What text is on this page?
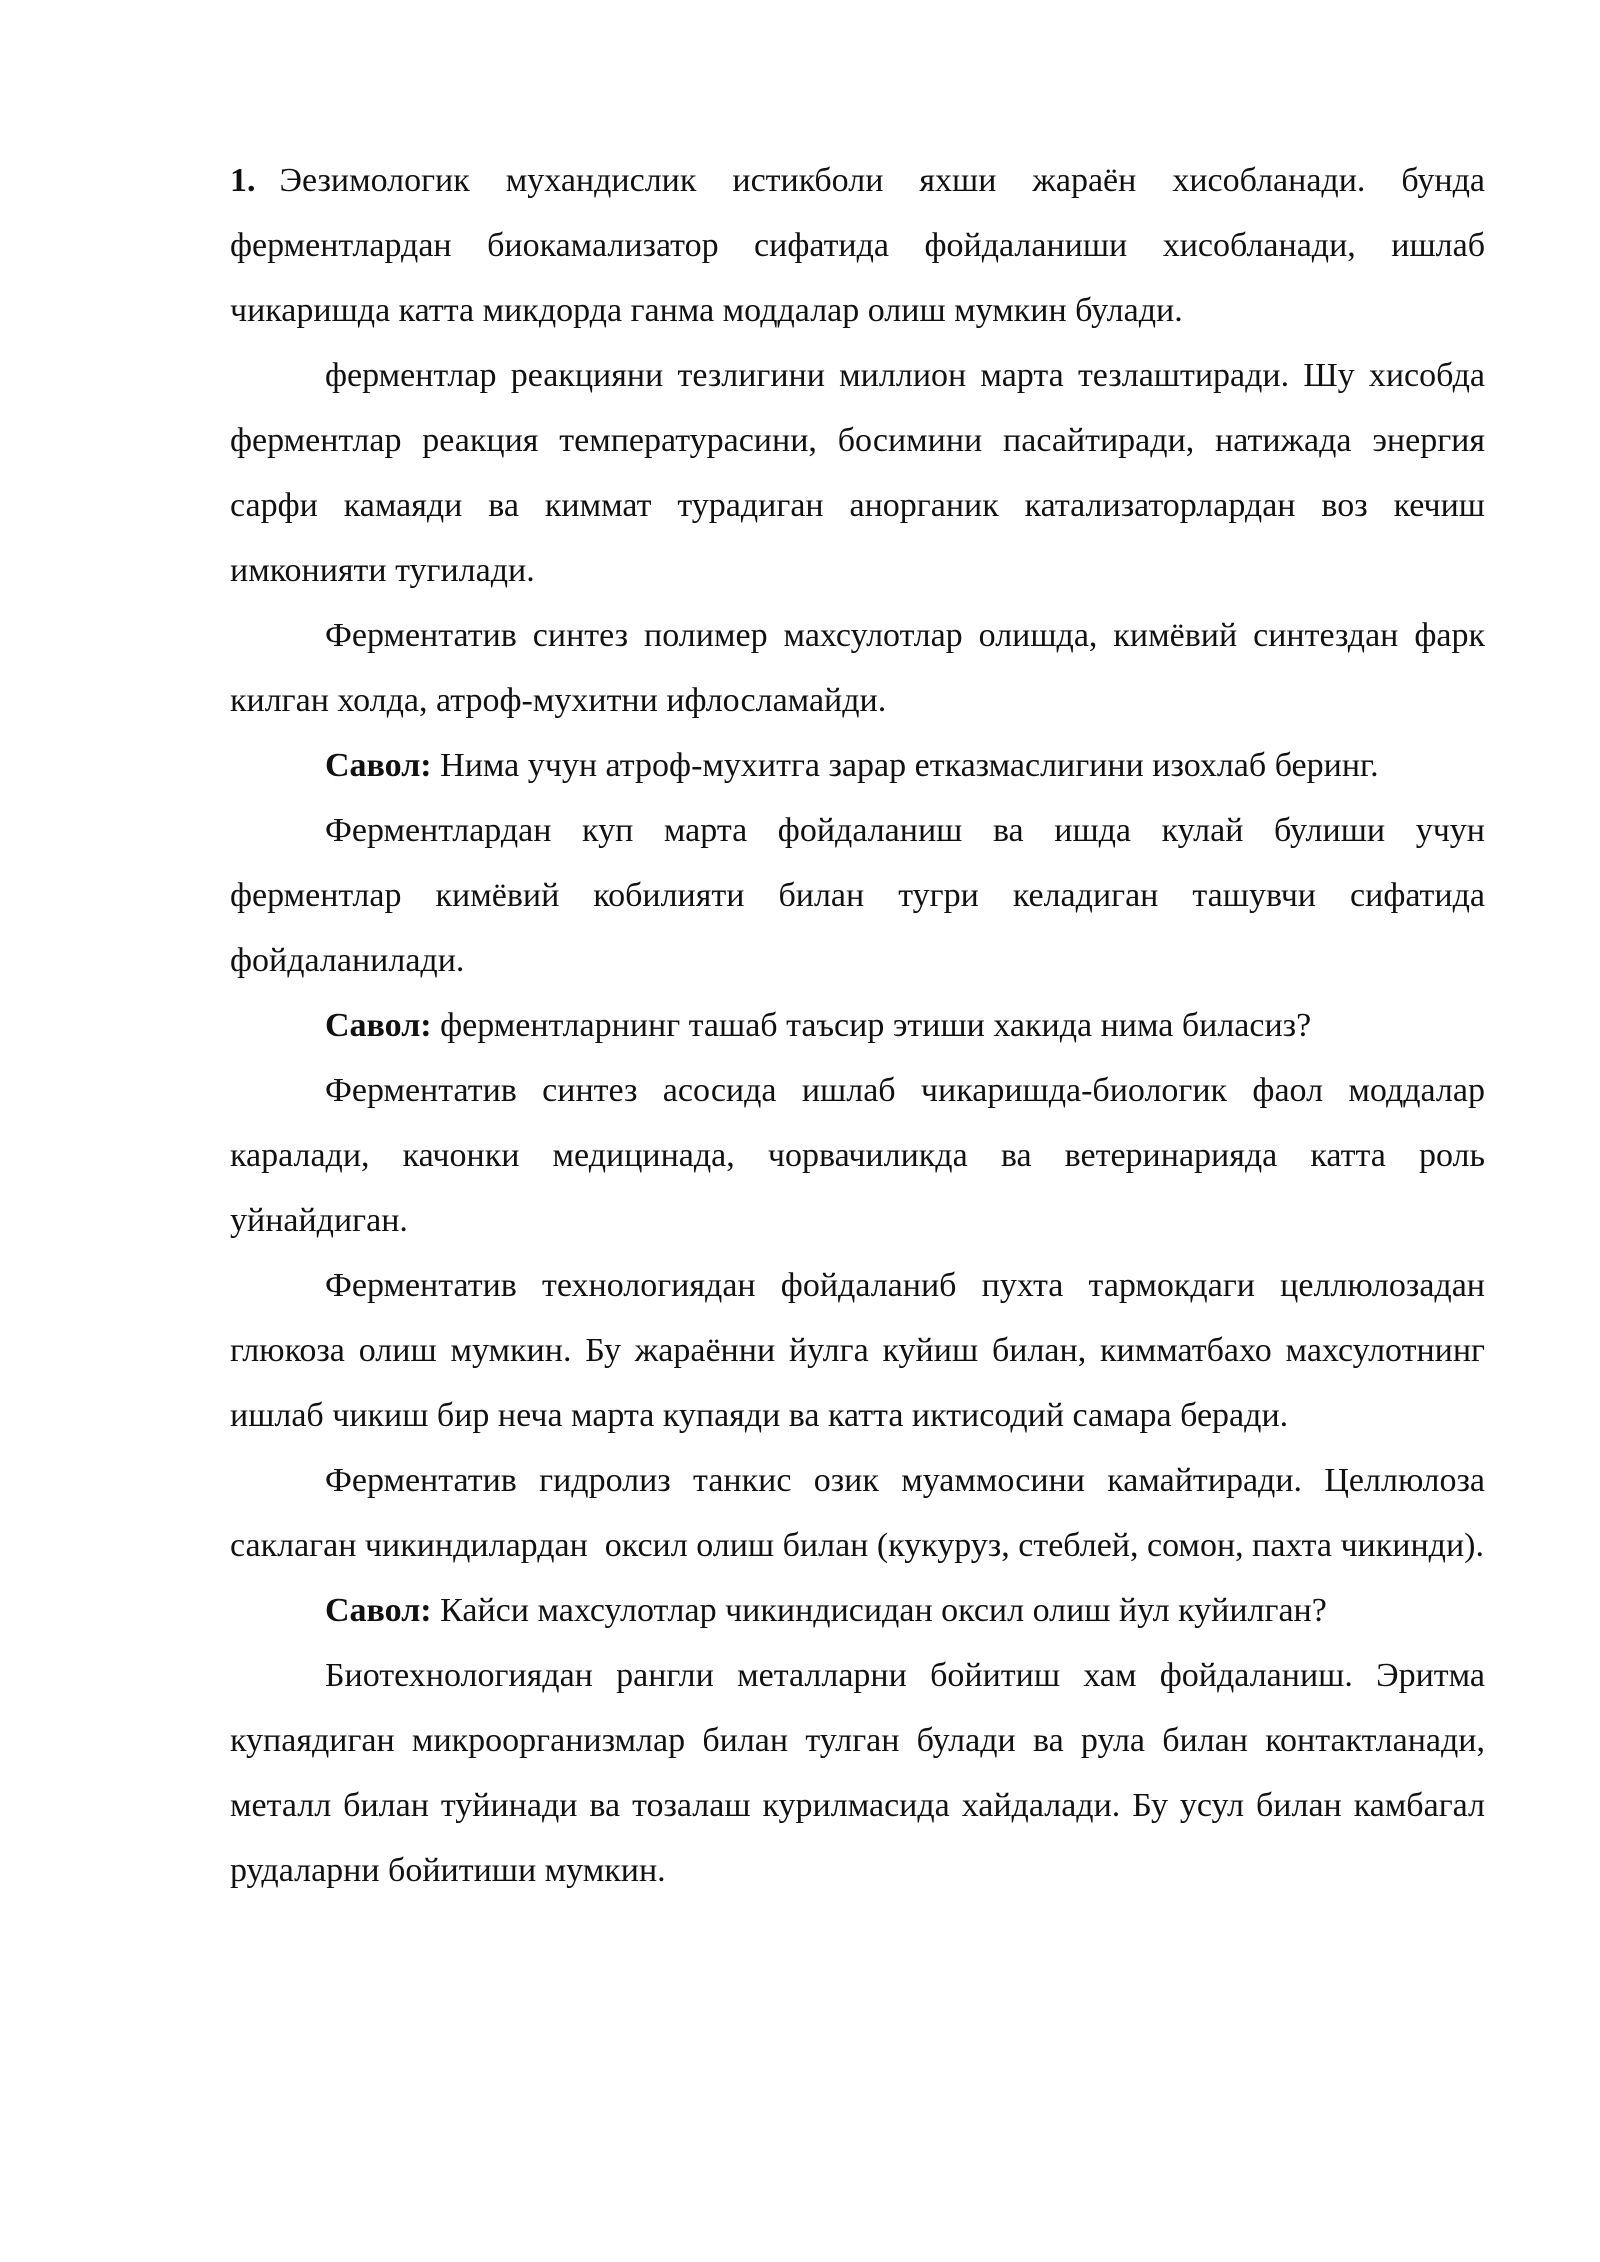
1. Эезимологик мухандислик истикболи яхши жараён хисобланади. бунда ферментлардан биокамализатор сифатида фойдаланиши хисобланади, ишлаб чикаришда катта микдорда ганма моддалар олиш мумкин булади.

ферментлар реакцияни тезлигини миллион марта тезлаштиради. Шу хисобда ферментлар реакция температурасини, босимини пасайтиради, натижада энергия сарфи камаяди ва киммат турадиган анорганик катализаторлардан воз кечиш имконияти тугилади.

Ферментатив синтез полимер махсулотлар олишда, кимёвий синтездан фарк килган холда, атроф-мухитни ифлосламайди.

Савол: Нима учун атроф-мухитга зарар етказмаслигини изохлаб беринг.

Ферментлардан куп марта фойдаланиш ва ишда кулай булиши учун ферментлар кимёвий кобилияти билан тугри келадиган ташувчи сифатида фойдаланилади.

Савол: ферментларнинг ташаб таъсир этиши хакида нима биласиз?

Ферментатив синтез асосида ишлаб чикаришда-биологик фаол моддалар каралади, качонки медицинада, чорвачиликда ва ветеринарияда катта роль уйнайдиган.

Ферментатив технологиядан фойдаланиб пухта тармокдаги целлюлозадан глюкоза олиш мумкин. Бу жараённи йулга куйиш билан, кимматбахо махсулотнинг ишлаб чикиш бир неча марта купаяди ва катта иктисодий самара беради.

Ферментатив гидролиз танкис озик муаммосини камайтиради. Целлюлоза саклаган чикиндилардан  оксил олиш билан (кукуруз, стеблей, сомон, пахта чикинди).

Савол: Кайси махсулотлар чикиндисидан оксил олиш йул куйилган?

Биотехнологиядан рангли металларни бойитиш хам фойдаланиш. Эритма купаядиган микроорганизмлар билан тулган булади ва рула билан контактланади, металл билан туйинади ва тозалаш курилмасида хайдалади. Бу усул билан камбагал рудаларни бойитиши мумкин.
